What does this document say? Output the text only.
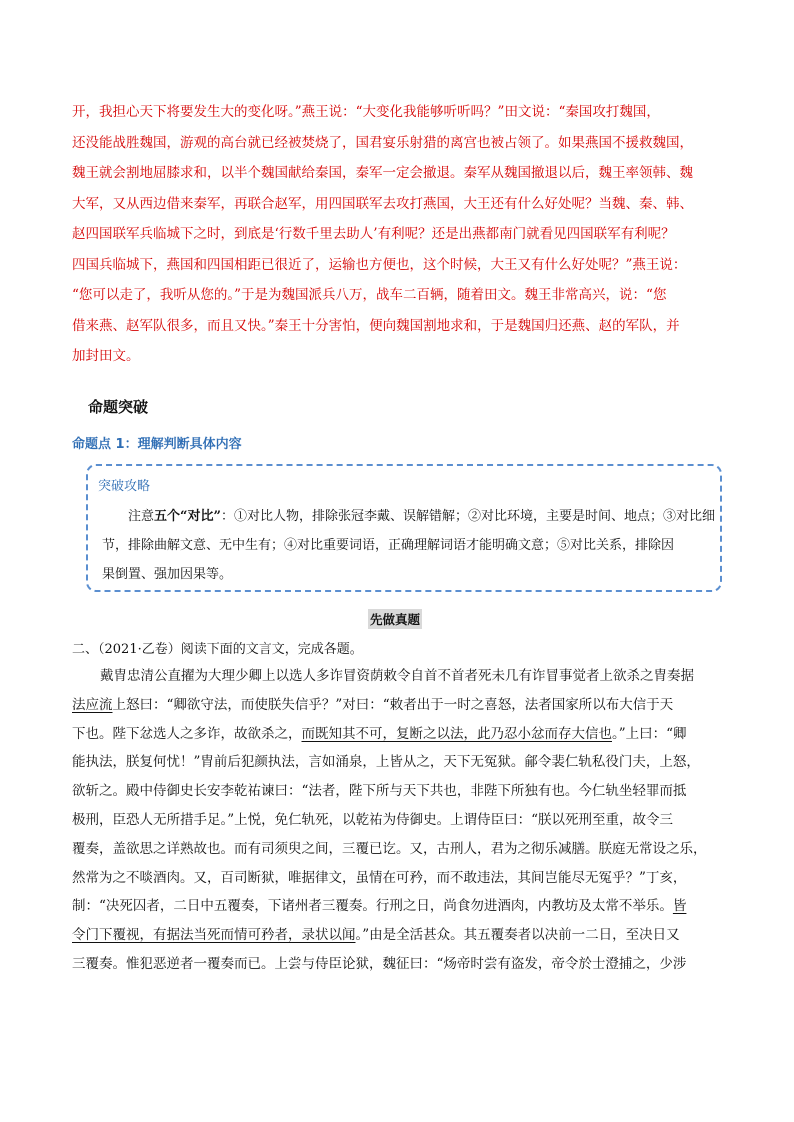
开，我担心天下将要发生大的变化呀。”燕王说：“大变化我能够听听吗？”田文说：“秦国攻打魏国，

还没能战胜魏国，游观的高台就已经被焚烧了，国君宴乐射猎的离宫也被占领了。如果燕国不援救魏国，

魏王就会割地屈膝求和，以半个魏国献给秦国，秦军一定会撤退。秦军从魏国撤退以后，魏王率领韩、魏

大军，又从西边借来秦军，再联合赵军，用四国联军去攻打燕国，大王还有什么好处呢？当魏、秦、韩、

赵四国联军兵临城下之时，到底是‘行数千里去助人’有利呢？还是出燕都南门就看见四国联军有利呢？

四国兵临城下，燕国和四国相距已很近了，运输也方便也，这个时候，大王又有什么好处呢？”燕王说：

“您可以走了，我听从您的。”于是为魏国派兵八万，战车二百辆，随着田文。魏王非常高兴，说：“您

借来燕、赵军队很多，而且又快。”秦王十分害怕，便向魏国割地求和，于是魏国归还燕、赵的军队，并

加封田文。

命题突破
命题点 1：理解判断具体内容
突破攻略

　　注意五个“对比”：①对比人物，排除张冠李戴、误解错解；②对比环境，主要是时间、地点；③对比细

节，排除曲解文意、无中生有；④对比重要词语，正确理解词语才能明确文意；⑤对比关系，排除因

果倒置、强加因果等。

先做真题
二、（2021·乙卷）阅读下面的文言文，完成各题。

戴胄忠清公直擢为大理少卿上以选人多诈冒资荫敕令自首不首者死未几有诈冒事觉者上欲杀之胄奏据

法应流上怒曰：“卿欲守法，而使朕失信乎？”对曰：“敕者出于一时之喜怒，法者国家所以布大信于天

下也。陛下忿选人之多诈，故欲杀之，而既知其不可，复断之以法，此乃忍小忿而存大信也。”上曰：“卿

能执法，朕复何忧！”胄前后犯颜执法，言如涌泉，上皆从之，天下无冤狱。鄃令裴仁轨私役门夫，上怒，

欲斩之。殿中侍御史长安李乾祐谏曰：“法者，陛下所与天下共也，非陛下所独有也。今仁轨坐轻罪而抵

极刑，臣恐人无所措手足。”上悦，免仁轨死，以乾祐为侍御史。上谓侍臣曰：“朕以死刑至重，故令三

覆奏，盖欲思之详熟故也。而有司须臾之间，三覆已讫。又，古刑人，君为之彻乐减膳。朕庭无常设之乐，

然常为之不啖酒肉。又，百司断狱，唯据律文，虽情在可矜，而不敢违法，其间岂能尽无冤乎？”丁亥，

制：“决死囚者，二日中五覆奏，下诸州者三覆奏。行刑之日，尚食勿进酒肉，内教坊及太常不举乐。皆

令门下覆视，有据法当死而情可矜者，录状以闻。”由是全活甚众。其五覆奏者以决前一二日，至决日又

三覆奏。惟犯恶逆者一覆奏而已。上尝与侍臣论狱，魏征曰：“炀帝时尝有盗发，帝令於士澄捕之，少涉
